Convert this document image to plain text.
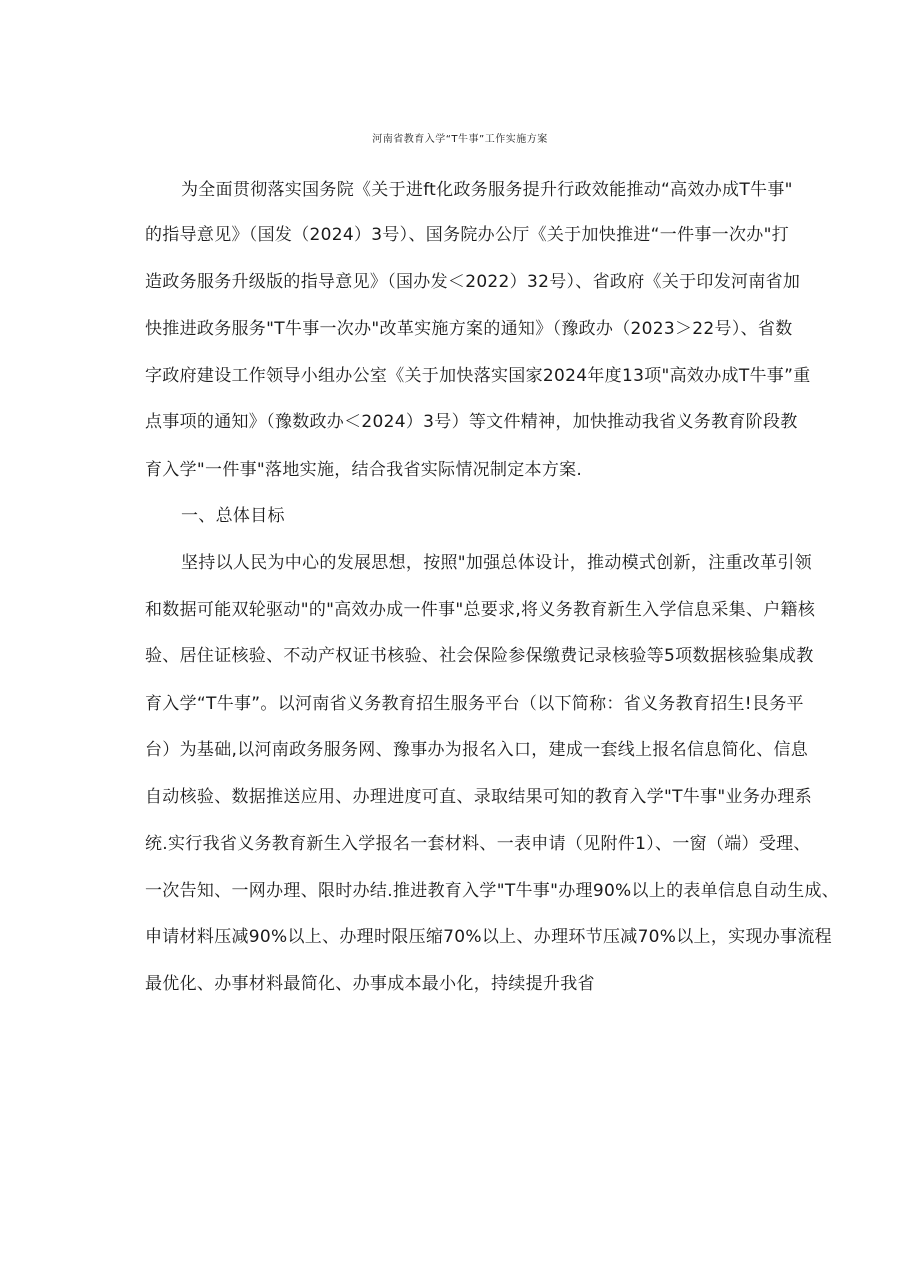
河南省教育入学“T牛事”工作实施方案
为全面贯彻落实国务院《关于进ft化政务服务提升行政效能推动“高效办成T牛事"
的指导意见》（国发（2024）3号）、国务院办公厅《关于加快推进“一件事一次办"打
造政务服务升级版的指导意见》（国办发＜2022）32号）、省政府《关于印发河南省加
快推进政务服务"T牛事一次办"改革实施方案的通知》（豫政办（2023＞22号）、省数
字政府建设工作领导小组办公室《关于加快落实国家2024年度13项"高效办成T牛事”重
点事项的通知》（豫数政办＜2024）3号）等文件精神，加快推动我省义务教育阶段教
育入学"一件事"落地实施，结合我省实际情况制定本方案.
一、总体目标
坚持以人民为中心的发展思想，按照"加强总体设计，推动模式创新，注重改革引领
和数据可能双轮驱动"的"高效办成一件事"总要求,将义务教育新生入学信息采集、户籍核
验、居住证核验、不动产权证书核验、社会保险参保缴费记录核验等5项数据核验集成教
育入学“T牛事”。以河南省义务教育招生服务平台（以下简称：省义务教育招生!艮务平
台）为基础,以河南政务服务网、豫事办为报名入口，建成一套线上报名信息简化、信息
自动核验、数据推送应用、办理进度可直、录取结果可知的教育入学"T牛事"业务办理系
统.实行我省义务教育新生入学报名一套材料、一表申请（见附件1）、一窗（端）受理、
一次告知、一网办理、限时办结.推进教育入学"T牛事"办理90%以上的表单信息自动生成、
申请材料压减90%以上、办理时限压缩70%以上、办理环节压减70%以上，实现办事流程
最优化、办事材料最简化、办事成本最小化，持续提升我省
